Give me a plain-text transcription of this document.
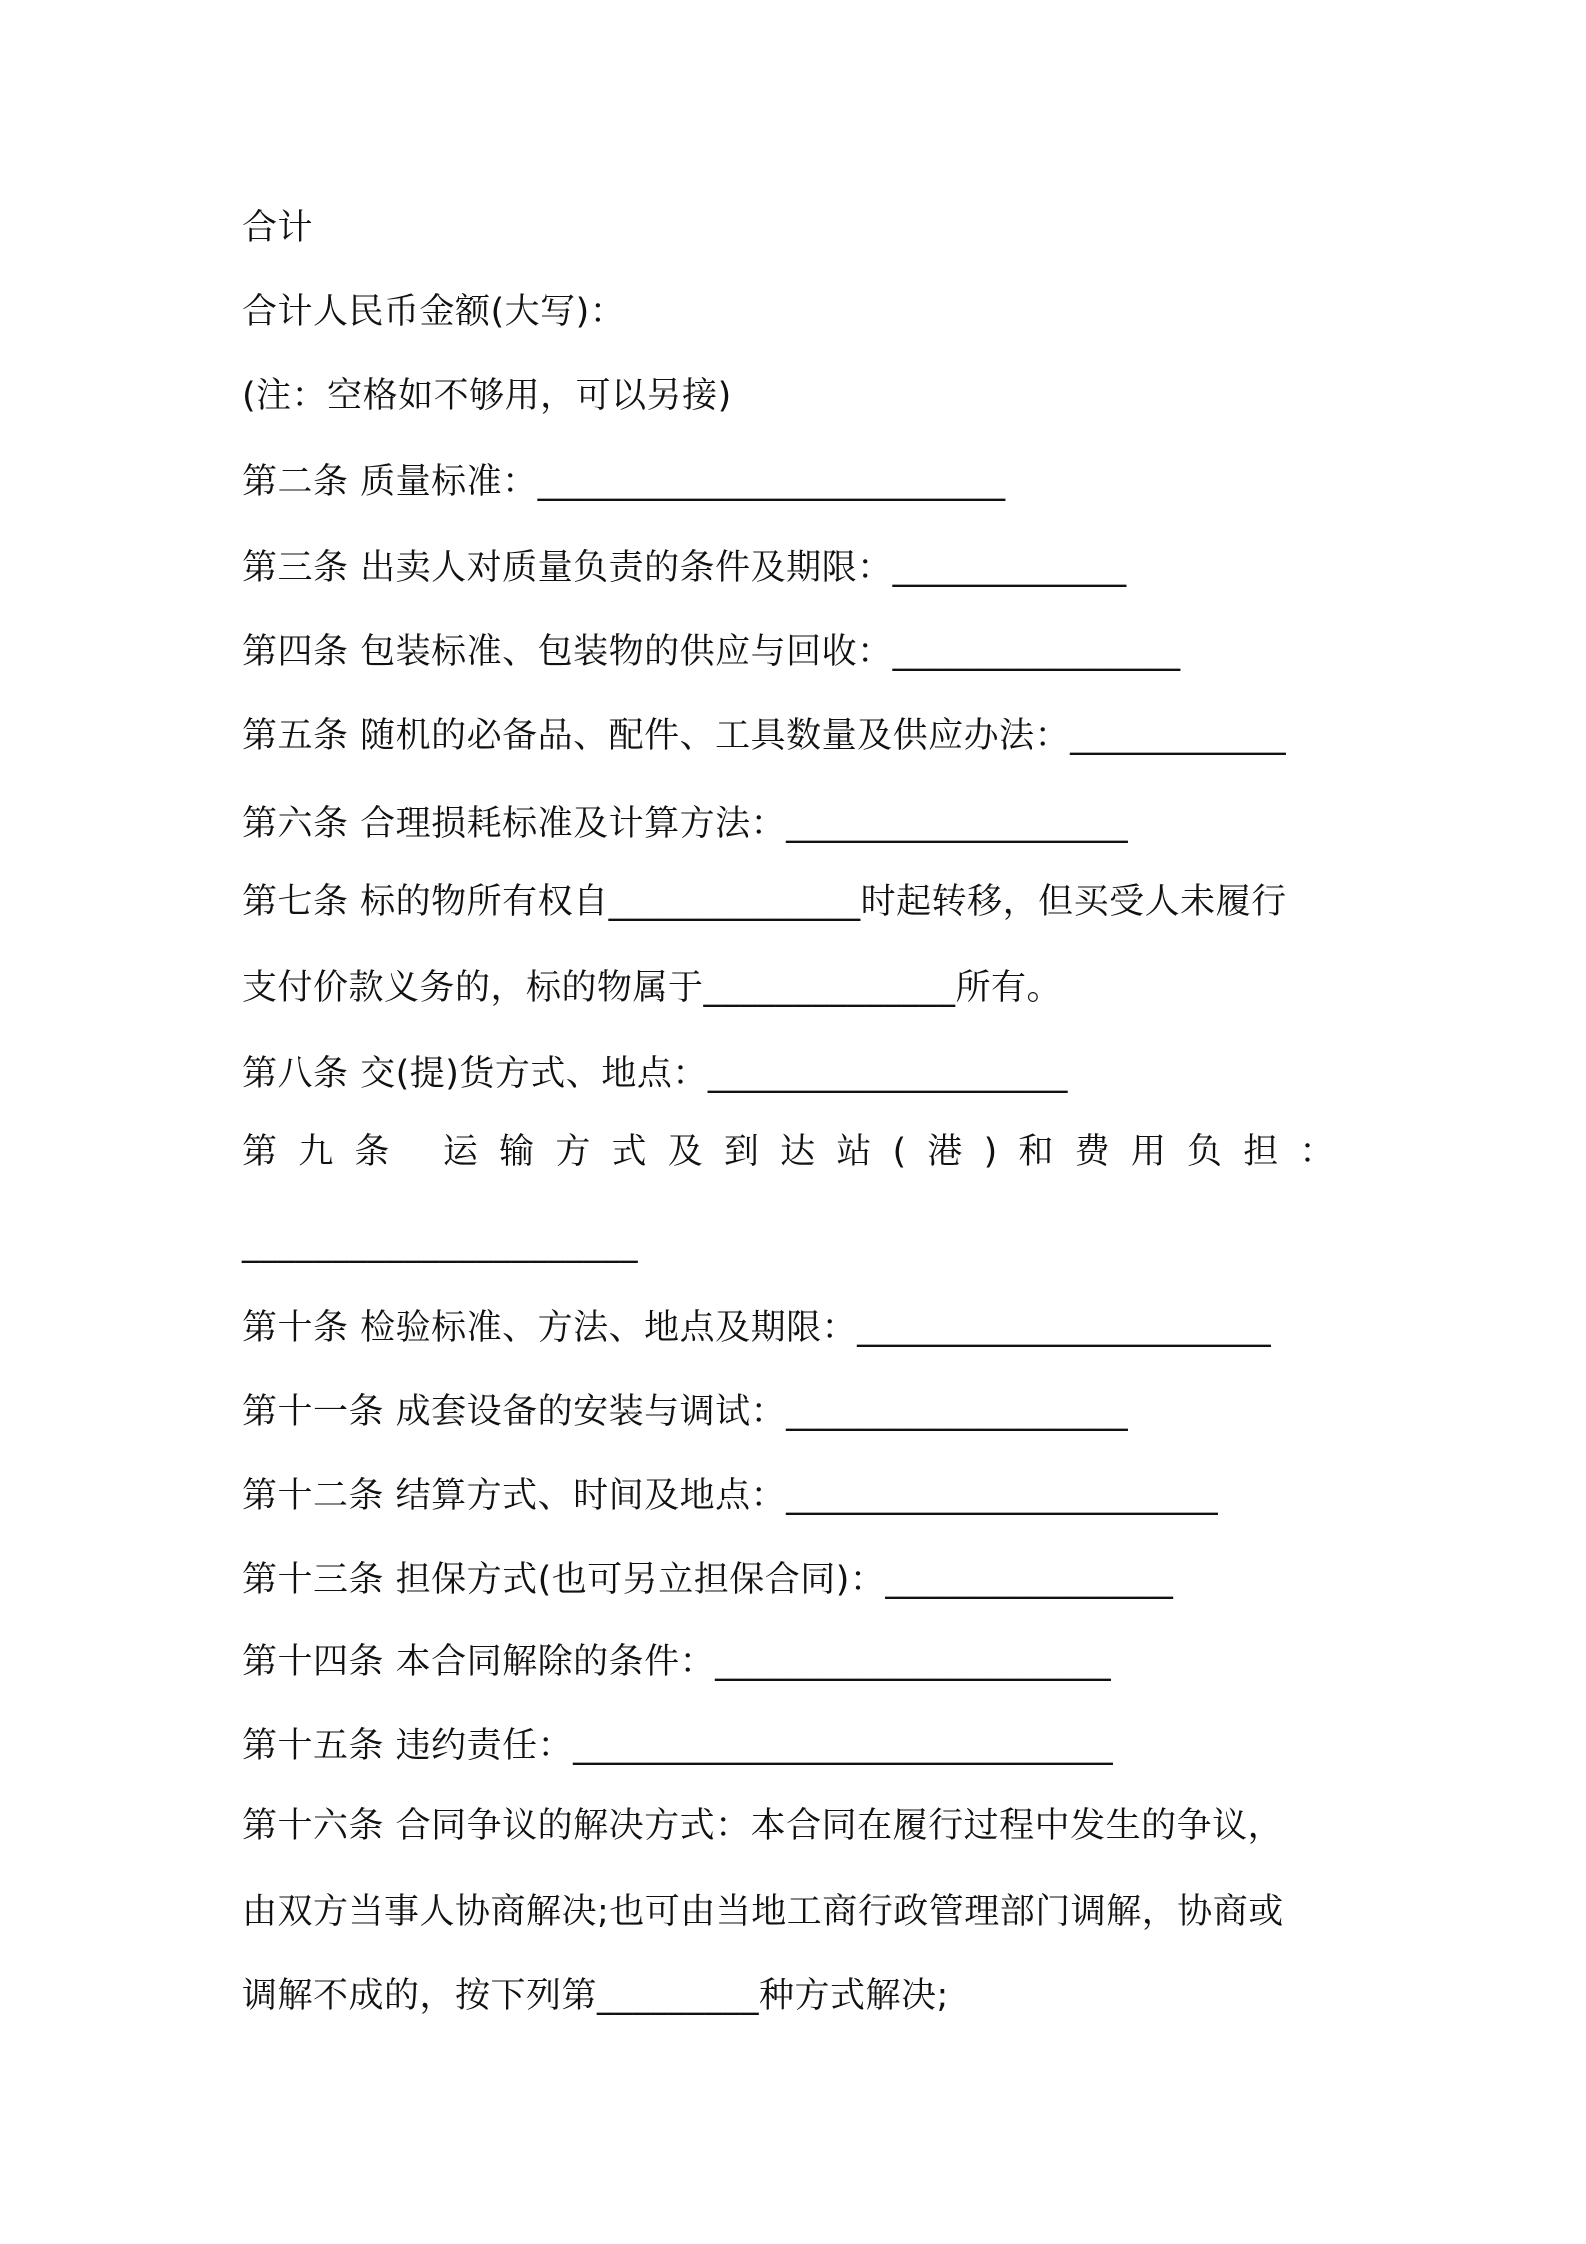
合计
合计人民币金额(大写)：
(注：空格如不够用，可以另接)
第二条 质量标准：__________________________
第三条 出卖人对质量负责的条件及期限：_____________
第四条 包装标准、包装物的供应与回收：________________
第五条 随机的必备品、配件、工具数量及供应办法：____________
第六条 合理损耗标准及计算方法：___________________
第七条 标的物所有权自______________时起转移，但买受人未履行
支付价款义务的，标的物属于______________所有。
第八条 交(提)货方式、地点：____________________
第九条 运输方式及到达站(港)和费用负担：
______________________
第十条 检验标准、方法、地点及期限：_______________________
第十一条 成套设备的安装与调试：___________________
第十二条 结算方式、时间及地点：________________________
第十三条 担保方式(也可另立担保合同)：________________
第十四条 本合同解除的条件：______________________
第十五条 违约责任：______________________________
第十六条 合同争议的解决方式：本合同在履行过程中发生的争议，
由双方当事人协商解决;也可由当地工商行政管理部门调解，协商或
调解不成的，按下列第_________种方式解决;
